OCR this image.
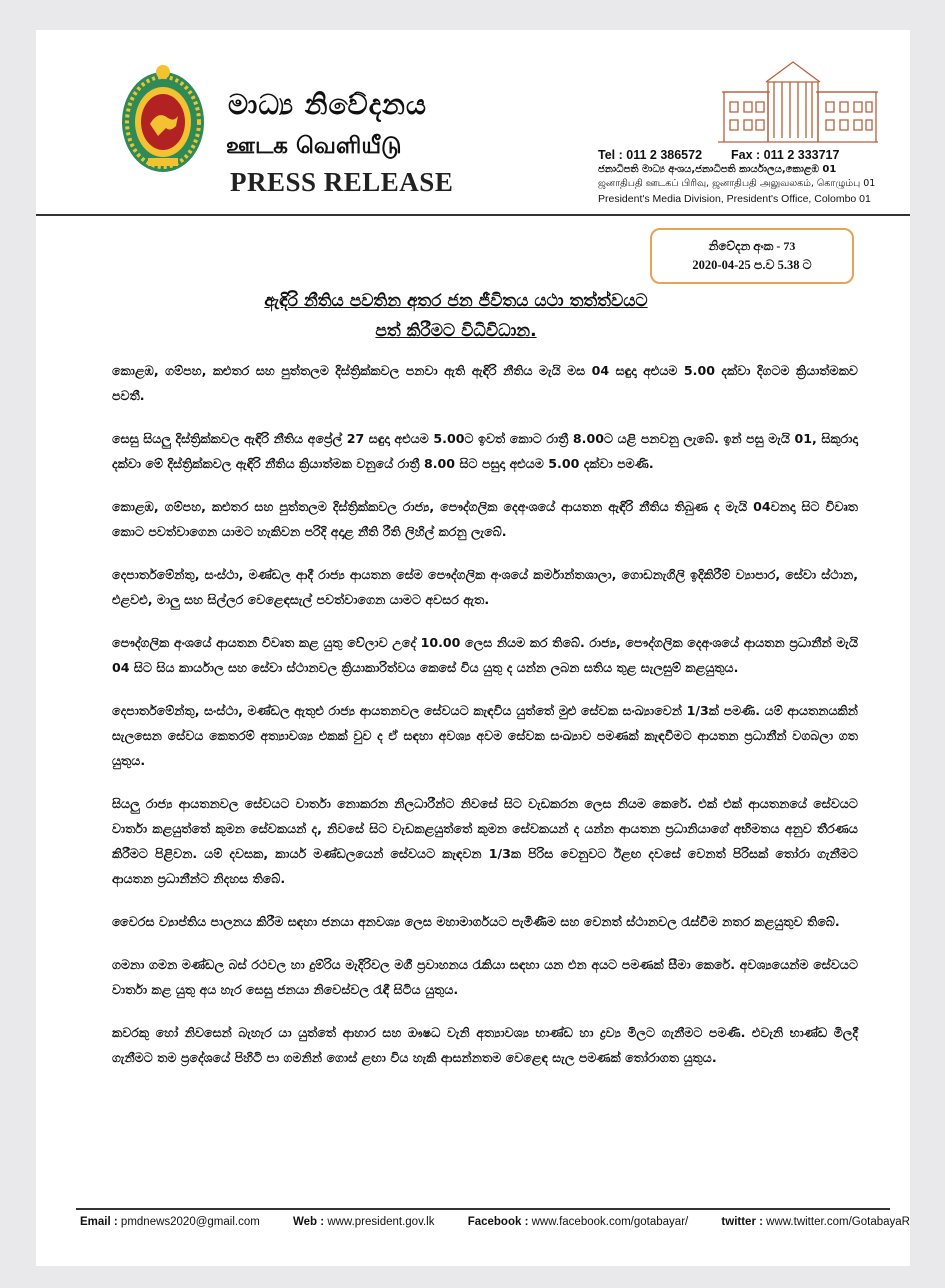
මාධ්‍ය නිවේදනය
ஊடக வெளியீடு
PRESS RELEASE
Tel : 011 2 386572 Fax : 011 2 333717
ජනාධිපති මාධ්‍ය අංශය,ජනාධිපති කාර්යාලය,කොළඹ 01
ஜனாதிபதி ஊடகப் பிரிவு, ஜனாதிபதி அலுவலகம், கொழும்பு 01
President's Media Division, President's Office, Colombo 01
නිවේදන අංක - 73
2020-04-25 ප.ව 5.38 ට
ඇඳිරි නීතිය පවතින අතර ජන ජීවිතය යථා තත්ත්වයට
පත් කිරීමට විධිවිධාන.

කොළඹ, ගම්පහ, කළුතර සහ පුත්තලම දිස්ත්‍රික්කවල පනවා ඇති ඇඳිරි නීතිය මැයි මස 04 සඳුදා අළුයම 5.00 දක්වා දිගටම ක්‍රියාත්මකව පවතී.

සෙසු සියලු දිස්ත්‍රික්කවල ඇඳිරි නීතිය අප්‍රේල් 27 සඳුදා අළුයම 5.00ට ඉවත් කොට රාත්‍රී 8.00ට යළි පනවනු ලැබේ. ඉන් පසු මැයි 01, සිකුරාදා දක්වා මේ දිස්ත්‍රික්කවල ඇඳිරි නීතිය ක්‍රියාත්මක වනුයේ රාත්‍රී 8.00 සිට පසුදා අළුයම 5.00 දක්වා පමණි.

කොළඹ, ගම්පහ, කළුතර සහ පුත්තලම දිස්ත්‍රික්කවල රාජ්‍ය, පෞද්ගලික දෙඅංශයේ ආයතන ඇඳිරි නීතිය තිබුණ ද මැයි 04වනදා සිට විවෘත කොට පවත්වාගෙන යාමට හැකිවන පරිදි අදාළ නීති රීති ලිහිල් කරනු ලැබේ.

දෙපාර්තමේන්තු, සංස්ථා, මණ්ඩල ආදී රාජ්‍ය ආයතන සේම පෞද්ගලික අංශයේ කර්මාන්තශාලා, ගොඩනැගිලි ඉදිකිරීම් ව්‍යාපාර, සේවා ස්ථාන, එළවළු, මාලු සහ සිල්ලර වෙළෙඳසැල් පවත්වාගෙන යාමට අවසර ඇත.

පෞද්ගලික අංශයේ ආයතන විවෘත කළ යුතු වේලාව උදේ 10.00 ලෙස නියම කර තිබේ. රාජ්‍ය, පෞද්ගලික දෙඅංශයේ ආයතන ප්‍රධානීන් මැයි 04 සිට සිය කාර්යාල සහ සේවා ස්ථානවල ක්‍රියාකාරිත්වය කෙසේ විය යුතු ද යන්න ලබන සතිය තුළ සැලසුම් කළයුතුය.

දෙපාර්තමේන්තු, සංස්ථා, මණ්ඩල ඇතුළු රාජ්‍ය ආයතනවල සේවයට කැඳවිය යුත්තේ මුළු සේවක සංඛ්‍යාවෙන් 1/3ක් පමණි. යම් ආයතනයකින් සැලසෙන සේවය කෙතරම් අත්‍යාවශ්‍ය එකක් වුව ද ඒ සඳහා අවශ්‍ය අවම සේවක සංඛ්‍යාව පමණක් කැඳවීමට ආයතන ප්‍රධානීන් වගබලා ගත යුතුය.

සියලු රාජ්‍ය ආයතනවල සේවයට වාර්තා නොකරන නිලධාරීන්ට නිවසේ සිට වැඩකරන ලෙස නියම කෙරේ. එක් එක් ආයතනයේ සේවයට වාර්තා කළයුත්තේ කුමන සේවකයන් ද, නිවසේ සිට වැඩකළයුත්තේ කුමන සේවකයන් ද යන්න ආයතන ප්‍රධානියාගේ අභිමතය අනුව තීරණය කිරීමට පිළිවන. යම් දවසක, කාර්ය මණ්ඩලයෙන් සේවයට කැඳවන 1/3ක පිරිස වෙනුවට ඊළඟ දවසේ වෙනත් පිරිසක් තෝරා ගැනීමට ආයතන ප්‍රධානීන්ට නිදහස තිබේ.

වෛරස ව්‍යාප්තිය පාලනය කිරීම සඳහා ජනයා අනවශ්‍ය ලෙස මහාමාර්ගයට පැමිණීම සහ වෙනත් ස්ථානවල රැස්වීම නතර කළයුතුව තිබේ.

ගමනා ගමන මණ්ඩල බස් රථවල හා දුම්රිය මැදිරිවල මගී ප්‍රවාහනය රැකියා සඳහා යන එන අයට පමණක් සීමා කෙරේ. අවශ්‍යයෙන්ම සේවයට වාර්තා කළ යුතු අය හැර සෙසු ජනයා නිවෙස්වල රැඳී සිටිය යුතුය.

කවරකු හෝ නිවසෙන් බැහැර යා යුත්තේ ආහාර සහ ඖෂධ වැනි අත්‍යාවශ්‍ය භාණ්ඩ හා ද්‍රව්‍ය මිලට ගැනීමට පමණි. එවැනි භාණ්ඩ මිලදී ගැනීමට තම ප්‍රදේශයේ පිහිටි පා ගමනින් ගොස් ළඟා විය හැකි ආසන්නතම වෙළෙඳ සැල පමණක් තෝරාගත යුතුය.

Email : pmdnews2020@gmail.com	Web : www.president.gov.lk	Facebook : www.facebook.com/gotabayar/	twitter : www.twitter.com/GotabayaR
